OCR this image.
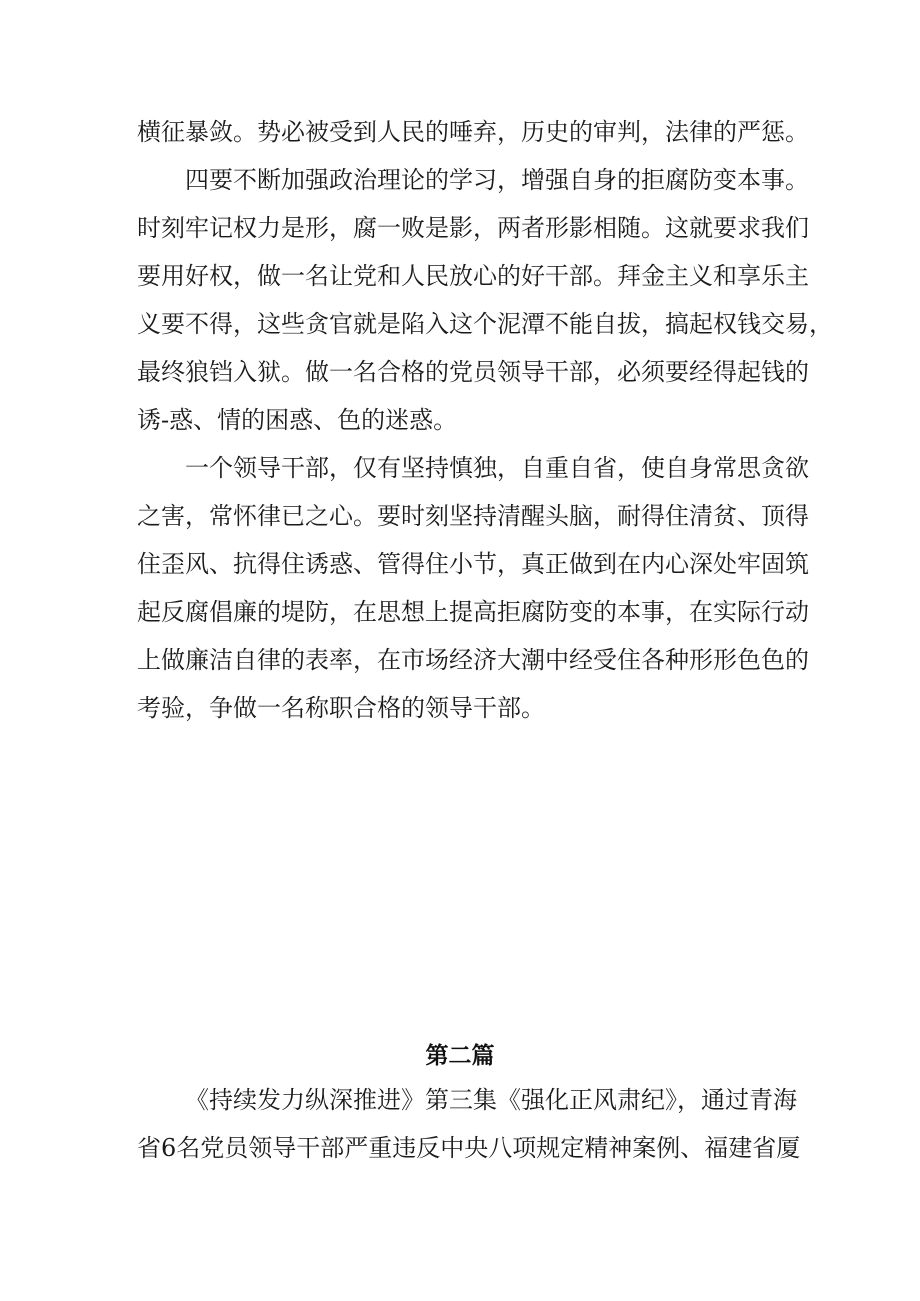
横征暴敛。势必被受到人民的唾弃，历史的审判，法律的严惩。
四要不断加强政治理论的学习，增强自身的拒腐防变本事。
时刻牢记权力是形，腐一败是影，两者形影相随。这就要求我们
要用好权，做一名让党和人民放心的好干部。拜金主义和享乐主
义要不得，这些贪官就是陷入这个泥潭不能自拔，搞起权钱交易，
最终狼铛入狱。做一名合格的党员领导干部，必须要经得起钱的
诱-惑、情的困惑、色的迷惑。
一个领导干部，仅有坚持慎独，自重自省，使自身常思贪欲
之害，常怀律已之心。要时刻坚持清醒头脑，耐得住清贫、顶得
住歪风、抗得住诱惑、管得住小节，真正做到在内心深处牢固筑
起反腐倡廉的堤防，在思想上提高拒腐防变的本事，在实际行动
上做廉洁自律的表率，在市场经济大潮中经受住各种形形色色的
考验，争做一名称职合格的领导干部。
第二篇
《持续发力纵深推进》第三集《强化正风肃纪》，通过青海
省6名党员领导干部严重违反中央八项规定精神案例、福建省厦
